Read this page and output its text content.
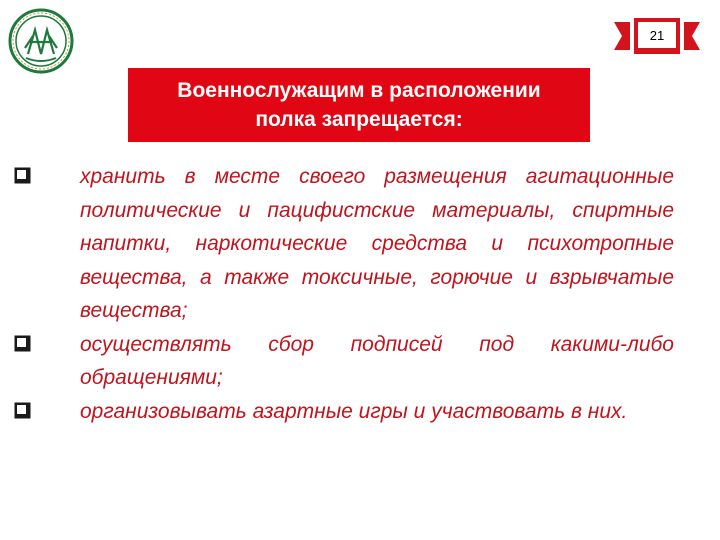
21
Военнослужащим в расположении
полка запрещается:
хранить в месте своего размещения агитационные политические и пацифистские материалы, спиртные напитки, наркотические средства и психотропные вещества, а также токсичные, горючие и взрывчатые вещества;
осуществлять сбор подписей под какими-либо обращениями;
организовывать азартные игры и участвовать в них.
